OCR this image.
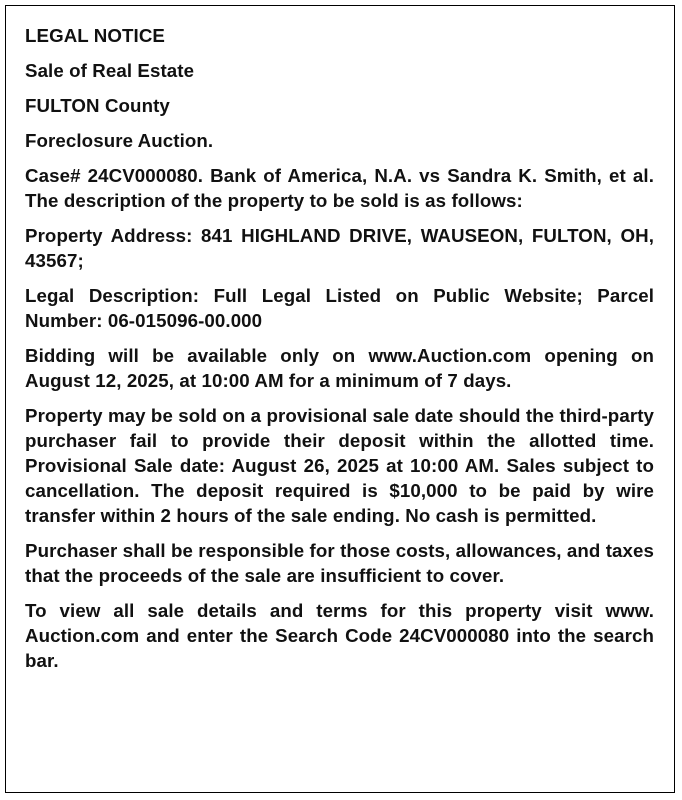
LEGAL NOTICE

Sale of Real Estate

FULTON County

Foreclosure Auction.

Case# 24CV000080. Bank of America, N.A. vs Sandra K. Smith, et al. The description of the property to be sold is as follows:

Property Address: 841 HIGHLAND DRIVE, WAUSEON, FULTON, OH, 43567;

Legal Description: Full Legal Listed on Public Website; Parcel Number: 06-015096-00.000

Bidding will be available only on www.Auction.com opening on August 12, 2025, at 10:00 AM for a minimum of 7 days.

Property may be sold on a provisional sale date should the third-party purchaser fail to provide their deposit within the allotted time. Provisional Sale date: August 26, 2025 at 10:00 AM. Sales subject to cancellation. The deposit required is $10,000 to be paid by wire transfer within 2 hours of the sale ending. No cash is permitted.

Purchaser shall be responsible for those costs, allowances, and taxes that the proceeds of the sale are insufficient to cover.

To view all sale details and terms for this property visit www.​Auction.com and enter the Search Code 24CV000080 into the search bar.
